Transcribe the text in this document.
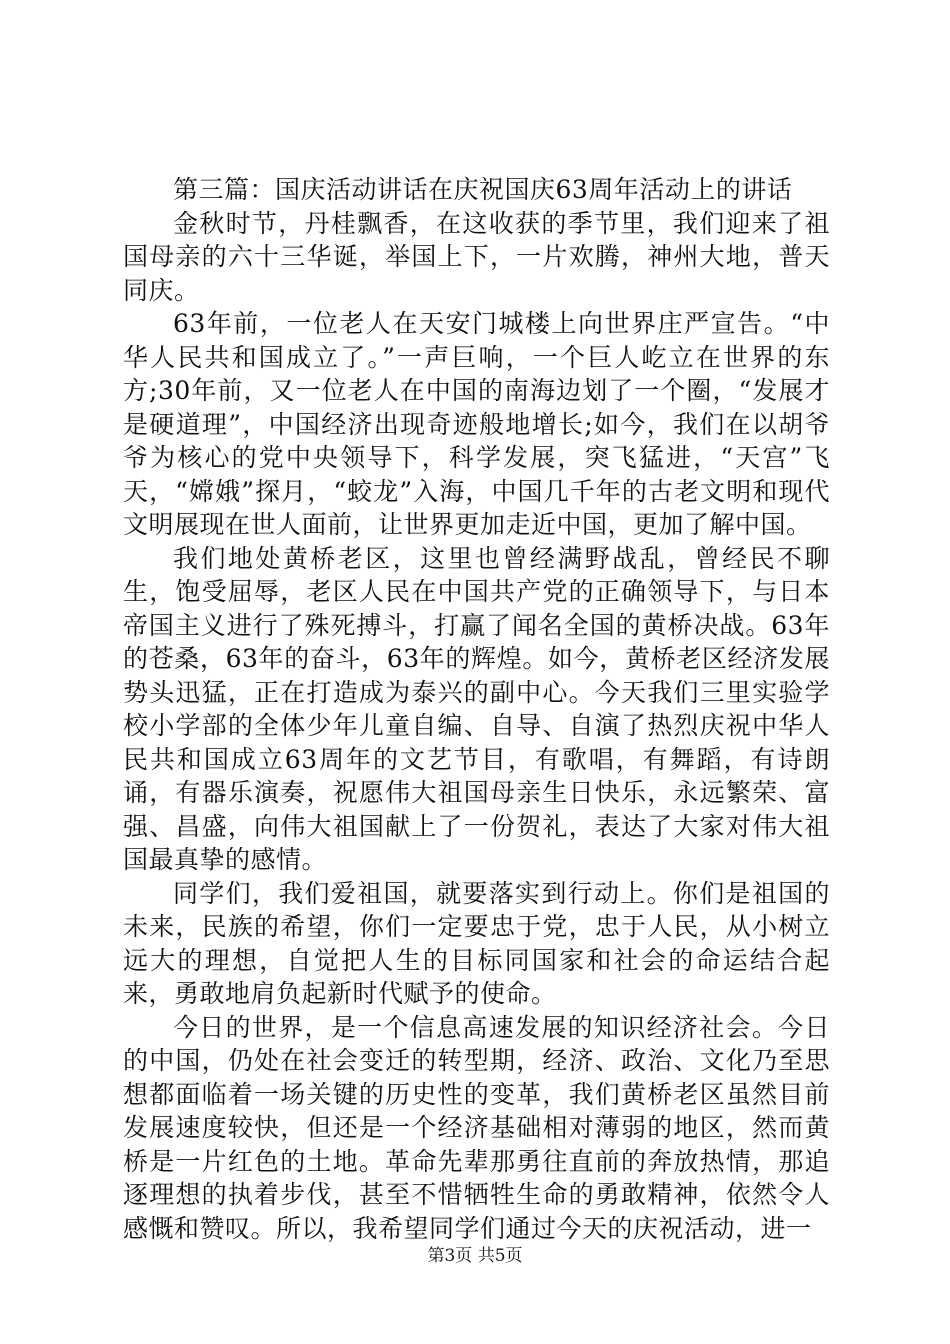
第三篇：国庆活动讲话在庆祝国庆63周年活动上的讲话

金秋时节，丹桂飘香，在这收获的季节里，我们迎来了祖国母亲的六十三华诞，举国上下，一片欢腾，神州大地，普天同庆。

63年前，一位老人在天安门城楼上向世界庄严宣告。“中华人民共和国成立了。”一声巨响，一个巨人屹立在世界的东方;30年前，又一位老人在中国的南海边划了一个圈，“发展才是硬道理”，中国经济出现奇迹般地增长;如今，我们在以胡爷爷为核心的党中央领导下，科学发展，突飞猛进，“天宫”飞天，“嫦娥”探月，“蛟龙”入海，中国几千年的古老文明和现代文明展现在世人面前，让世界更加走近中国，更加了解中国。

我们地处黄桥老区，这里也曾经满野战乱，曾经民不聊生，饱受屈辱，老区人民在中国共产党的正确领导下，与日本帝国主义进行了殊死搏斗，打赢了闻名全国的黄桥决战。63年的苍桑，63年的奋斗，63年的辉煌。如今，黄桥老区经济发展势头迅猛，正在打造成为泰兴的副中心。今天我们三里实验学校小学部的全体少年儿童自编、自导、自演了热烈庆祝中华人民共和国成立63周年的文艺节目，有歌唱，有舞蹈，有诗朗诵，有器乐演奏，祝愿伟大祖国母亲生日快乐，永远繁荣、富强、昌盛，向伟大祖国献上了一份贺礼，表达了大家对伟大祖国最真挚的感情。

同学们，我们爱祖国，就要落实到行动上。你们是祖国的未来，民族的希望，你们一定要忠于党，忠于人民，从小树立远大的理想，自觉把人生的目标同国家和社会的命运结合起来，勇敢地肩负起新时代赋予的使命。

今日的世界，是一个信息高速发展的知识经济社会。今日的中国，仍处在社会变迁的转型期，经济、政治、文化乃至思想都面临着一场关键的历史性的变革，我们黄桥老区虽然目前发展速度较快，但还是一个经济基础相对薄弱的地区，然而黄桥是一片红色的土地。革命先辈那勇往直前的奔放热情，那追逐理想的执着步伐，甚至不惜牺牲生命的勇敢精神，依然令人感慨和赞叹。所以，我希望同学们通过今天的庆祝活动，进一

第3页 共5页
